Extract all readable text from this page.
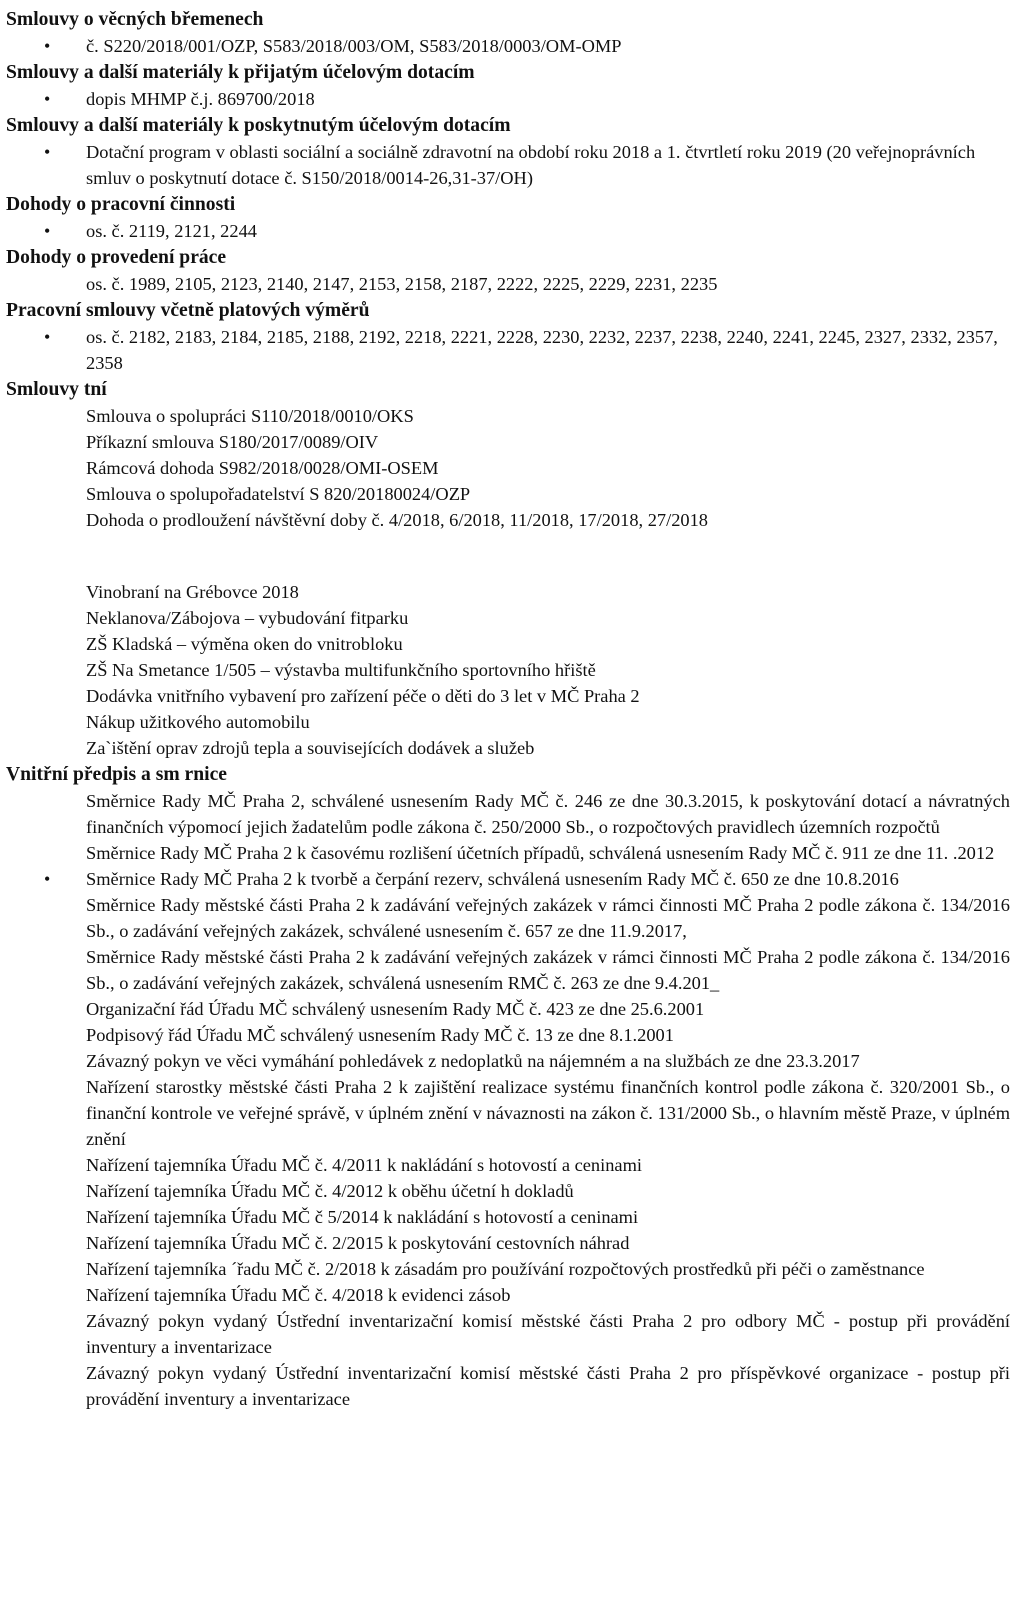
Smlouvy o věcných břemenech
• č. S220/2018/001/OZP, S583/2018/003/OM, S583/2018/0003/OM-OMP
Smlouvy a další materiály k přijatým účelovým dotacím
• dopis MHMP č.j. 869700/2018
Smlouvy a další materiály k poskytnutým účelovým dotacím
• Dotační program v oblasti sociální a sociálně zdravotní na období roku 2018 a 1. čtvrtletí roku 2019 (20 veřejnoprávních smluv o poskytnutí dotace č. S150/2018/0014-26,31-37/OH)
Dohody o pracovní činnosti
• os. č. 2119, 2121, 2244
Dohody o provedení práce
os. č. 1989, 2105, 2123, 2140, 2147, 2153, 2158, 2187, 2222, 2225, 2229, 2231, 2235
Pracovní smlouvy včetně platových výměrů
• os. č. 2182, 2183, 2184, 2185, 2188, 2192, 2218, 2221, 2228, 2230, 2232, 2237, 2238, 2240, 2241, 2245, 2327, 2332, 2357, 2358
Smlouvy tní
Smlouva o spolupráci S110/2018/0010/OKS
Příkazní smlouva S180/2017/0089/OIV
Rámcová dohoda S982/2018/0028/OMI-OSEM
Smlouva o spolupořadatelství S 820/20180024/OZP
Dohoda o prodloužení návštěvní doby č. 4/2018, 6/2018, 11/2018, 17/2018, 27/2018
Vinobraní na Grébovce 2018
Neklanova/Zábojova – vybudování fitparku
ZŠ Kladská – výměna oken do vnitrobloku
ZŠ Na Smetance 1/505 – výstavba multifunkčního sportovního hřiště
Dodávka vnitřního vybavení pro zařízení péče o děti do 3 let v MČ Praha 2
Nákup užitkového automobilu
Za`ištění oprav zdrojů tepla a souvisejících dodávek a služeb
Vnitřní předpis a sm rnice
Směrnice Rady MČ Praha 2, schválené usnesením Rady MČ č. 246 ze dne 30.3.2015, k poskytování dotací a návratných finančních výpomocí jejich žadatelům podle zákona č. 250/2000 Sb., o rozpočtových pravidlech územních rozpočtů
Směrnice Rady MČ Praha 2 k časovému rozlišení účetních případů, schválená usnesením Rady MČ č. 911 ze dne 11. .2012
• Směrnice Rady MČ Praha 2 k tvorbě a čerpání rezerv, schválená usnesením Rady MČ č. 650 ze dne 10.8.2016
Směrnice Rady městské části Praha 2 k zadávání veřejných zakázek v rámci činnosti MČ Praha 2 podle zákona č. 134/2016 Sb., o zadávání veřejných zakázek, schválené usnesením č. 657 ze dne 11.9.2017,
Směrnice Rady městské části Praha 2 k zadávání veřejných zakázek v rámci činnosti MČ Praha 2 podle zákona č. 134/2016 Sb., o zadávání veřejných zakázek, schválená usnesením RMČ č. 263 ze dne 9.4.201_
Organizační řád Úřadu MČ schválený usnesením Rady MČ č. 423 ze dne 25.6.2001
Podpisový řád Úřadu MČ schválený usnesením Rady MČ č. 13 ze dne 8.1.2001
Závazný pokyn ve věci vymáhání pohledávek z nedoplatků na nájemném a na službách ze dne 23.3.2017
Nařízení starostky městské části Praha 2 k zajištění realizace systému finančních kontrol podle zákona č. 320/2001 Sb., o finanční kontrole ve veřejné správě, v úplném znění v návaznosti na zákon č. 131/2000 Sb., o hlavním městě Praze, v úplném znění
Nařízení tajemníka Úřadu MČ č. 4/2011 k nakládání s hotovostí a ceninami
Nařízení tajemníka Úřadu MČ č. 4/2012 k oběhu účetní h dokladů
Nařízení tajemníka Úřadu MČ č 5/2014 k nakládání s hotovostí a ceninami
Nařízení tajemníka Úřadu MČ č. 2/2015 k poskytování cestovních náhrad
Nařízení tajemníka ´řadu MČ č. 2/2018 k zásadám pro používání rozpočtových prostředků při péči o zaměstnance
Nařízení tajemníka Úřadu MČ č. 4/2018 k evidenci zásob
Závazný pokyn vydaný Ústřední inventarizační komisí městské části Praha 2 pro odbory MČ - postup při provádění inventury a inventarizace
Závazný pokyn vydaný Ústřední inventarizační komisí městské části Praha 2 pro příspěvkové organizace - postup při provádění inventury a inventarizace
